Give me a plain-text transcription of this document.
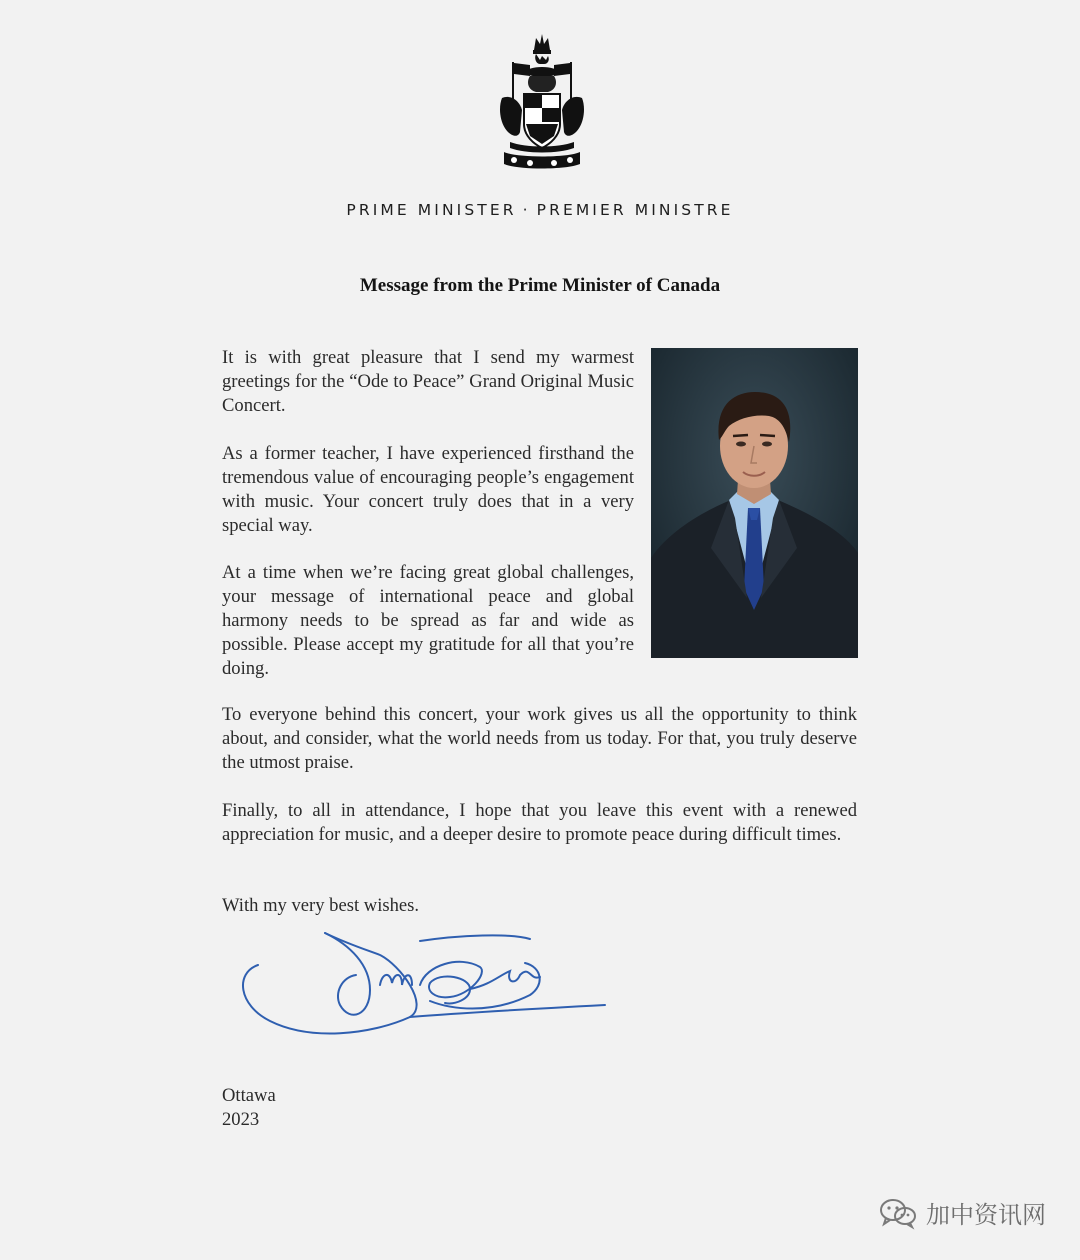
PRIME MINISTER · PREMIER MINISTRE
Message from the Prime Minister of Canada
It is with great pleasure that I send my warmest greetings for the “Ode to Peace” Grand Original Music Concert.
As a former teacher, I have experienced firsthand the tremendous value of encouraging people’s engagement with music. Your concert truly does that in a very special way.
At a time when we’re facing great global challenges, your message of international peace and global harmony needs to be spread as far and wide as possible. Please accept my gratitude for all that you’re doing.
To everyone behind this concert, your work gives us all the opportunity to think about, and consider, what the world needs from us today. For that, you truly deserve the utmost praise.
Finally, to all in attendance, I hope that you leave this event with a renewed appreciation for music, and a deeper desire to promote peace during difficult times.
With my very best wishes.
Ottawa
2023
加中资讯网
